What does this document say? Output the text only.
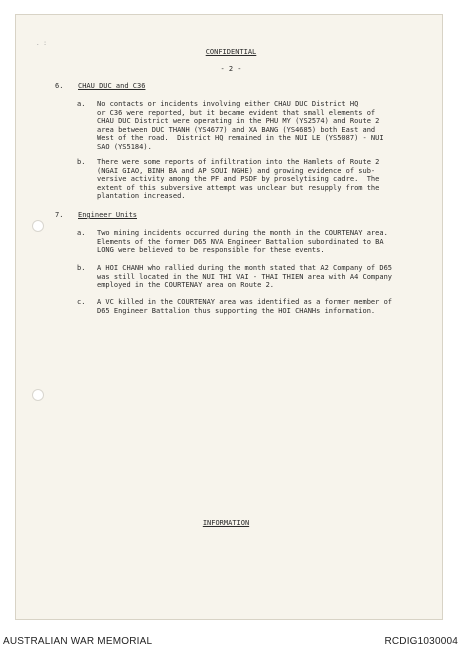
. :
CONFIDENTIAL
- 2 -
6. CHAU DUC and C36
a. No contacts or incidents involving either CHAU DUC District HQ
or C36 were reported, but it became evident that small elements of
CHAU DUC District were operating in the PHU MY (YS2574) and Route 2
area between DUC THANH (YS4677) and XA BANG (YS4685) both East and
West of the road.  District HQ remained in the NUI LE (YS5087) - NUI
SAO (YS5184).
b. There were some reports of infiltration into the Hamlets of Route 2
(NGAI GIAO, BINH BA and AP SOUI NGHE) and growing evidence of sub-
versive activity among the PF and PSDF by proselytising cadre.  The
extent of this subversive attempt was unclear but resupply from the
plantation increased.
7. Engineer Units
a. Two mining incidents occurred during the month in the COURTENAY area.
Elements of the former D65 NVA Engineer Battalion subordinated to BA
LONG were believed to be responsible for these events.
b. A HOI CHANH who rallied during the month stated that A2 Company of D65
was still located in the NUI THI VAI - THAI THIEN area with A4 Company
employed in the COURTENAY area on Route 2.
c. A VC killed in the COURTENAY area was identified as a former member of
D65 Engineer Battalion thus supporting the HOI CHANHs information.
INFORMATION
AUSTRALIAN WAR MEMORIAL	RCDIG1030004
